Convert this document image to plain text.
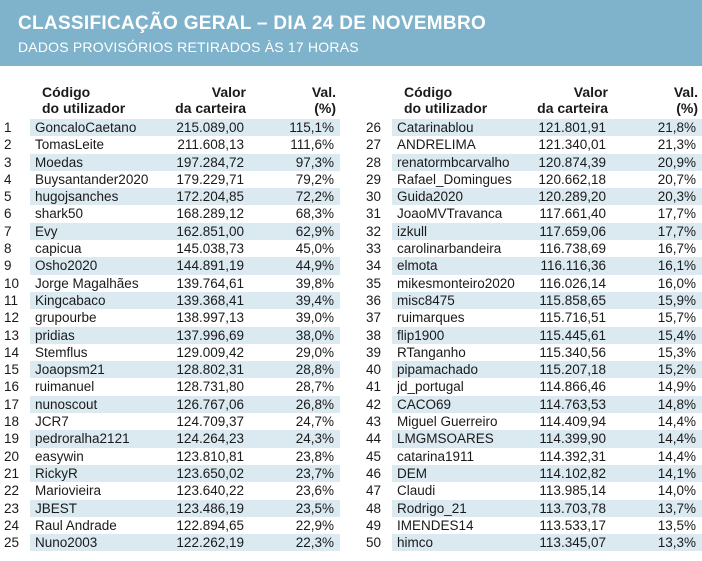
CLASSIFICAÇÃO GERAL – DIA 24 DE NOVEMBRO
DADOS PROVISÓRIOS RETIRADOS ÀS 17 HORAS
Código
do utilizador
Valor
da carteira
Val.
(%)
1	GoncaloCaetano	215.089,00	115,1%
2	TomasLeite	211.608,13	111,6%
3	Moedas	197.284,72	97,3%
4	Buysantander2020	179.229,71	79,2%
5	hugojsanches	172.204,85	72,2%
6	shark50	168.289,12	68,3%
7	Evy	162.851,00	62,9%
8	capicua	145.038,73	45,0%
9	Osho2020	144.891,19	44,9%
10	Jorge Magalhães	139.764,61	39,8%
11	Kingcabaco	139.368,41	39,4%
12	grupourbe	138.997,13	39,0%
13	pridias	137.996,69	38,0%
14	Stemflus	129.009,42	29,0%
15	Joaopsm21	128.802,31	28,8%
16	ruimanuel	128.731,80	28,7%
17	nunoscout	126.767,06	26,8%
18	JCR7	124.709,37	24,7%
19	pedroralha2121	124.264,23	24,3%
20	easywin	123.810,81	23,8%
21	RickyR	123.650,02	23,7%
22	Mariovieira	123.640,22	23,6%
23	JBEST	123.486,19	23,5%
24	Raul Andrade	122.894,65	22,9%
25	Nuno2003	122.262,19	22,3%
Código
do utilizador
Valor
da carteira
Val.
(%)
26	Catarinablou	121.801,91	21,8%
27	ANDRELIMA	121.340,01	21,3%
28	renatormbcarvalho	120.874,39	20,9%
29	Rafael_Domingues	120.662,18	20,7%
30	Guida2020	120.289,20	20,3%
31	JoaoMVTravanca	117.661,40	17,7%
32	izkull	117.659,06	17,7%
33	carolinarbandeira	116.738,69	16,7%
34	elmota	116.116,36	16,1%
35	mikesmonteiro2020	116.026,14	16,0%
36	misc8475	115.858,65	15,9%
37	ruimarques	115.716,51	15,7%
38	flip1900	115.445,61	15,4%
39	RTanganho	115.340,56	15,3%
40	pipamachado	115.207,18	15,2%
41	jd_portugal	114.866,46	14,9%
42	CACO69	114.763,53	14,8%
43	Miguel Guerreiro	114.409,94	14,4%
44	LMGMSOARES	114.399,90	14,4%
45	catarina1911	114.392,31	14,4%
46	DEM	114.102,82	14,1%
47	Claudi	113.985,14	14,0%
48	Rodrigo_21	113.703,78	13,7%
49	IMENDES14	113.533,17	13,5%
50	himco	113.345,07	13,3%
